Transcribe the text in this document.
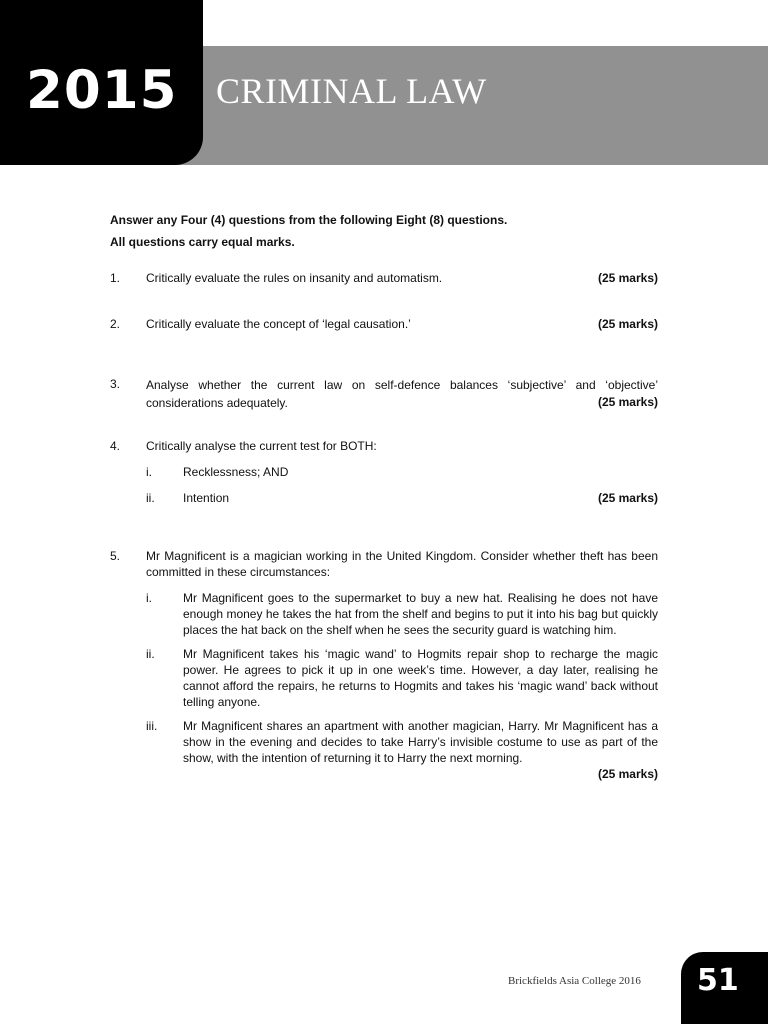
2015 CRIMINAL LAW

Answer any Four (4) questions from the following Eight (8) questions.

All questions carry equal marks.

1.	Critically evaluate the rules on insanity and automatism.	(25 marks)
2.	Critically evaluate the concept of ‘legal causation.’	(25 marks)
3.	Analyse whether the current law on self-defence balances ‘subjective’ and ‘objective’ considerations adequately.	(25 marks)
4.	Critically analyse the current test for BOTH:
i.	Recklessness; AND
ii.	Intention	(25 marks)
5.	Mr Magnificent is a magician working in the United Kingdom. Consider whether theft has been committed in these circumstances:
i.	Mr Magnificent goes to the supermarket to buy a new hat. Realising he does not have enough money he takes the hat from the shelf and begins to put it into his bag but quickly places the hat back on the shelf when he sees the security guard is watching him.
ii.	Mr Magnificent takes his ‘magic wand’ to Hogmits repair shop to recharge the magic power. He agrees to pick it up in one week’s time. However, a day later, realising he cannot afford the repairs, he returns to Hogmits and takes his ‘magic wand’ back without telling anyone.
iii.	Mr Magnificent shares an apartment with another magician, Harry. Mr Magnificent has a show in the evening and decides to take Harry’s invisible costume to use as part of the show, with the intention of returning it to Harry the next morning.
(25 marks)
Brickfields Asia College 2016 51
